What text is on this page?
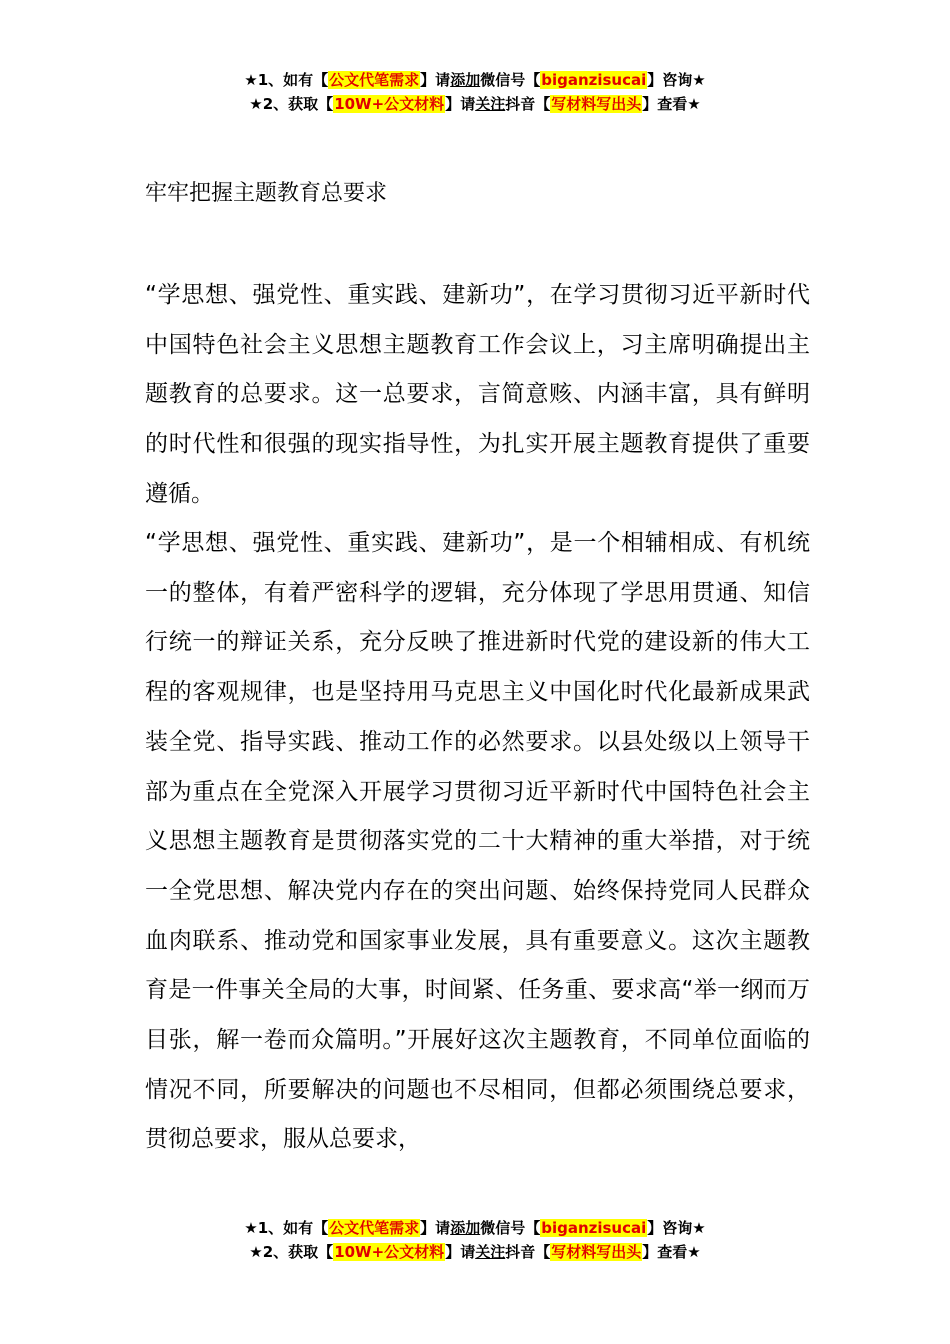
★1、如有【公文代笔需求】请添加微信号【biganzisucai】咨询★
★2、获取【10W+公文材料】请关注抖音【写材料写出头】查看★
牢牢把握主题教育总要求

“学思想、强党性、重实践、建新功”，在学习贯彻习近平新时代中国特色社会主义思想主题教育工作会议上，习主席明确提出主题教育的总要求。这一总要求，言简意赅、内涵丰富，具有鲜明的时代性和很强的现实指导性，为扎实开展主题教育提供了重要遵循。

“学思想、强党性、重实践、建新功”，是一个相辅相成、有机统一的整体，有着严密科学的逻辑，充分体现了学思用贯通、知信行统一的辩证关系，充分反映了推进新时代党的建设新的伟大工程的客观规律，也是坚持用马克思主义中国化时代化最新成果武装全党、指导实践、推动工作的必然要求。以县处级以上领导干部为重点在全党深入开展学习贯彻习近平新时代中国特色社会主义思想主题教育是贯彻落实党的二十大精神的重大举措，对于统一全党思想、解决党内存在的突出问题、始终保持党同人民群众血肉联系、推动党和国家事业发展，具有重要意义。这次主题教育是一件事关全局的大事，时间紧、任务重、要求高“举一纲而万目张，解一卷而众篇明。”开展好这次主题教育，不同单位面临的情况不同，所要解决的问题也不尽相同，但都必须围绕总要求，贯彻总要求，服从总要求，

★1、如有【公文代笔需求】请添加微信号【biganzisucai】咨询★
★2、获取【10W+公文材料】请关注抖音【写材料写出头】查看★
